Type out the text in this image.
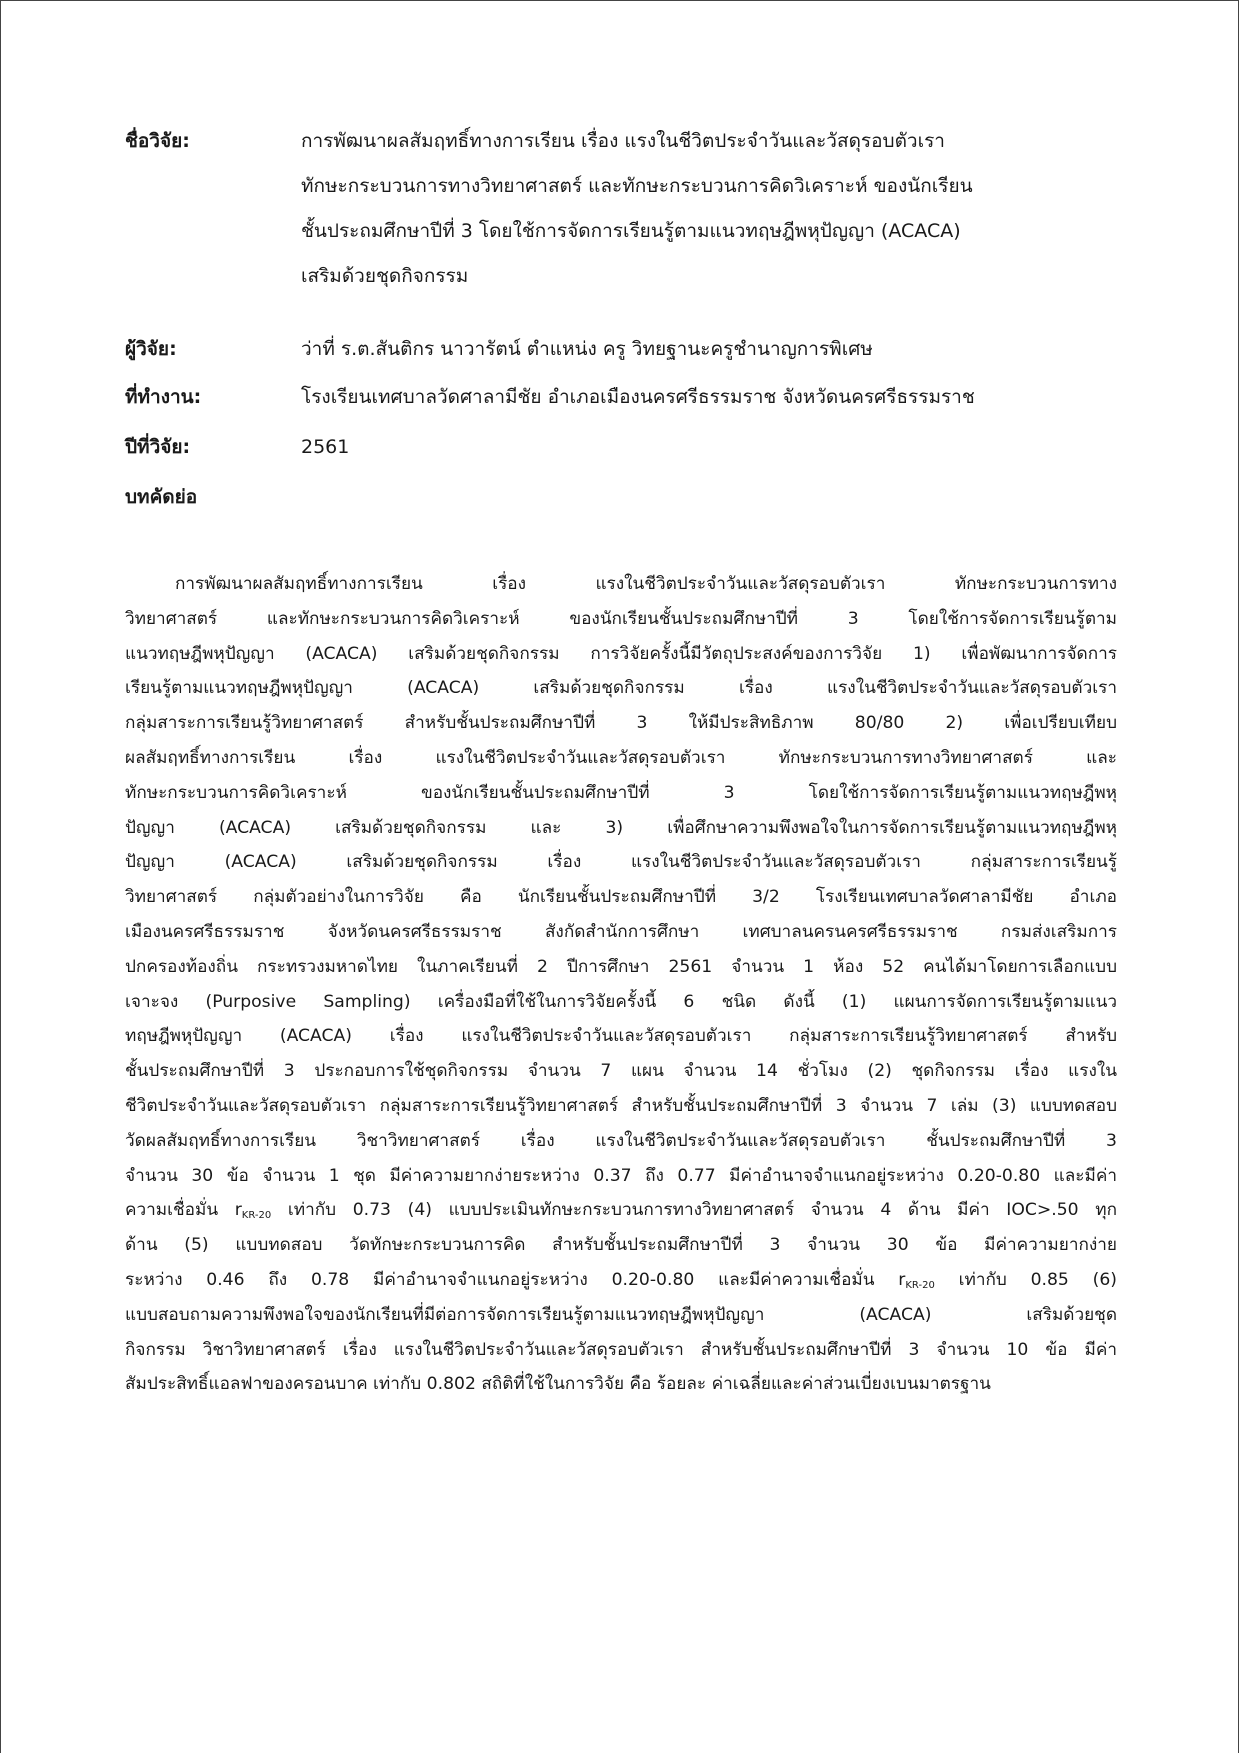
ชื่อวิจัย:	การพัฒนาผลสัมฤทธิ์ทางการเรียน เรื่อง แรงในชีวิตประจำวันและวัสดุรอบตัวเรา
ทักษะกระบวนการทางวิทยาศาสตร์ และทักษะกระบวนการคิดวิเคราะห์ ของนักเรียน
ชั้นประถมศึกษาปีที่ 3 โดยใช้การจัดการเรียนรู้ตามแนวทฤษฎีพหุปัญญา (ACACA)
เสริมด้วยชุดกิจกรรม
ผู้วิจัย:	ว่าที่ ร.ต.สันติกร นาวารัตน์ ตำแหน่ง ครู วิทยฐานะครูชำนาญการพิเศษ
ที่ทำงาน:	โรงเรียนเทศบาลวัดศาลามีชัย อำเภอเมืองนครศรีธรรมราช จังหวัดนครศรีธรรมราช
ปีที่วิจัย:	2561
บทคัดย่อ
การพัฒนาผลสัมฤทธิ์ทางการเรียน เรื่อง แรงในชีวิตประจำวันและวัสดุรอบตัวเรา ทักษะกระบวนการทาง
วิทยาศาสตร์ และทักษะกระบวนการคิดวิเคราะห์ ของนักเรียนชั้นประถมศึกษาปีที่ 3 โดยใช้การจัดการเรียนรู้ตาม
แนวทฤษฎีพหุปัญญา (ACACA) เสริมด้วยชุดกิจกรรม การวิจัยครั้งนี้มีวัตถุประสงค์ของการวิจัย 1) เพื่อพัฒนาการจัดการ
เรียนรู้ตามแนวทฤษฎีพหุปัญญา (ACACA) เสริมด้วยชุดกิจกรรม เรื่อง แรงในชีวิตประจำวันและวัสดุรอบตัวเรา
กลุ่มสาระการเรียนรู้วิทยาศาสตร์ สำหรับชั้นประถมศึกษาปีที่ 3 ให้มีประสิทธิภาพ 80/80 2) เพื่อเปรียบเทียบ
ผลสัมฤทธิ์ทางการเรียน เรื่อง แรงในชีวิตประจำวันและวัสดุรอบตัวเรา ทักษะกระบวนการทางวิทยาศาสตร์ และ
ทักษะกระบวนการคิดวิเคราะห์ ของนักเรียนชั้นประถมศึกษาปีที่ 3 โดยใช้การจัดการเรียนรู้ตามแนวทฤษฎีพหุ
ปัญญา (ACACA) เสริมด้วยชุดกิจกรรม และ 3) เพื่อศึกษาความพึงพอใจในการจัดการเรียนรู้ตามแนวทฤษฎีพหุ
ปัญญา (ACACA) เสริมด้วยชุดกิจกรรม เรื่อง แรงในชีวิตประจำวันและวัสดุรอบตัวเรา กลุ่มสาระการเรียนรู้
วิทยาศาสตร์ กลุ่มตัวอย่างในการวิจัย คือ นักเรียนชั้นประถมศึกษาปีที่ 3/2 โรงเรียนเทศบาลวัดศาลามีชัย อำเภอ
เมืองนครศรีธรรมราช จังหวัดนครศรีธรรมราช สังกัดสำนักการศึกษา เทศบาลนครนครศรีธรรมราช กรมส่งเสริมการ
ปกครองท้องถิ่น กระทรวงมหาดไทย ในภาคเรียนที่ 2 ปีการศึกษา 2561 จำนวน 1 ห้อง 52 คนได้มาโดยการเลือกแบบ
เจาะจง (Purposive Sampling) เครื่องมือที่ใช้ในการวิจัยครั้งนี้ 6 ชนิด ดังนี้ (1) แผนการจัดการเรียนรู้ตามแนว
ทฤษฎีพหุปัญญา (ACACA) เรื่อง แรงในชีวิตประจำวันและวัสดุรอบตัวเรา กลุ่มสาระการเรียนรู้วิทยาศาสตร์ สำหรับ
ชั้นประถมศึกษาปีที่ 3 ประกอบการใช้ชุดกิจกรรม จำนวน 7 แผน จำนวน 14 ชั่วโมง (2) ชุดกิจกรรม เรื่อง แรงใน
ชีวิตประจำวันและวัสดุรอบตัวเรา กลุ่มสาระการเรียนรู้วิทยาศาสตร์ สำหรับชั้นประถมศึกษาปีที่ 3 จำนวน 7 เล่ม (3) แบบทดสอบ
วัดผลสัมฤทธิ์ทางการเรียน วิชาวิทยาศาสตร์ เรื่อง แรงในชีวิตประจำวันและวัสดุรอบตัวเรา ชั้นประถมศึกษาปีที่ 3
จำนวน 30 ข้อ จำนวน 1 ชุด มีค่าความยากง่ายระหว่าง 0.37 ถึง 0.77 มีค่าอำนาจจำแนกอยู่ระหว่าง 0.20-0.80 และมีค่า
ความเชื่อมั่น $r_{KR-20}$ เท่ากับ 0.73 (4) แบบประเมินทักษะกระบวนการทางวิทยาศาสตร์ จำนวน 4 ด้าน มีค่า IOC>.50 ทุก
ด้าน (5) แบบทดสอบ วัดทักษะกระบวนการคิด สำหรับชั้นประถมศึกษาปีที่ 3 จำนวน 30 ข้อ มีค่าความยากง่าย
ระหว่าง 0.46 ถึง 0.78 มีค่าอำนาจจำแนกอยู่ระหว่าง 0.20-0.80 และมีค่าความเชื่อมั่น $r_{KR-20}$ เท่ากับ 0.85 (6)
แบบสอบถามความพึงพอใจของนักเรียนที่มีต่อการจัดการเรียนรู้ตามแนวทฤษฎีพหุปัญญา (ACACA) เสริมด้วยชุด
กิจกรรม วิชาวิทยาศาสตร์ เรื่อง แรงในชีวิตประจำวันและวัสดุรอบตัวเรา สำหรับชั้นประถมศึกษาปีที่ 3 จำนวน 10 ข้อ มีค่า
สัมประสิทธิ์แอลฟาของครอนบาค เท่ากับ 0.802 สถิติที่ใช้ในการวิจัย คือ ร้อยละ ค่าเฉลี่ยและค่าส่วนเบี่ยงเบนมาตรฐาน
